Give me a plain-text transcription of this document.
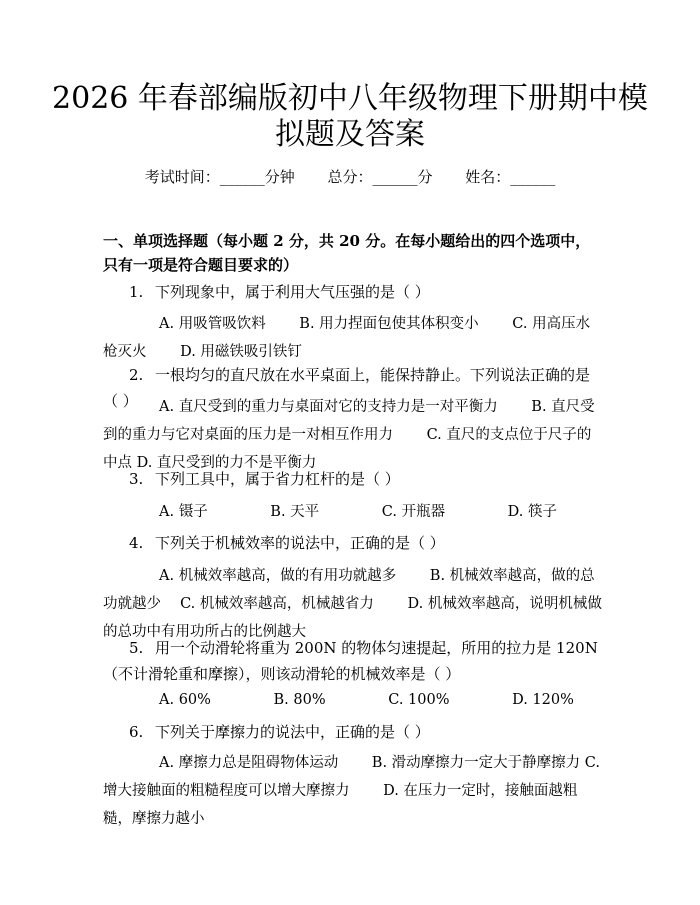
2026 年春部编版初中八年级物理下册期中模
拟题及答案
考试时间：______分钟 总分：______分 姓名：______
一、单项选择题（每小题 2 分，共 20 分。在每小题给出的四个选项中，只有一项是符合题目要求的）
1. 下列现象中，属于利用大气压强的是（ ）
A. 用吸管吸饮料　　 B. 用力捏面包使其体积变小　　 C. 用高压水枪灭火　　 D. 用磁铁吸引铁钉
2. 一根均匀的直尺放在水平桌面上，能保持静止。下列说法正确的是（ ）	A. 直尺受到的重力与桌面对它的支持力是一对平衡力　　 B. 直尺受到的重力与它对桌面的压力是一对相互作用力　　 C. 直尺的支点位于尺子的中点 D. 直尺受到的力不是平衡力
3. 下列工具中，属于省力杠杆的是（ ）
A. 镊子　　　　 B. 天平　　　　 C. 开瓶器　　　　 D. 筷子
4. 下列关于机械效率的说法中，正确的是（ ）
A. 机械效率越高，做的有用功就越多　　 B. 机械效率越高，做的总功就越少　 C. 机械效率越高，机械越省力　　 D. 机械效率越高，说明机械做的总功中有用功所占的比例越大
5. 用一个动滑轮将重为 200N 的物体匀速提起，所用的拉力是 120N（不计滑轮重和摩擦），则该动滑轮的机械效率是（ ）
A. 60%　　　　 B. 80%　　　　 C. 100%　　　　 D. 120%
6. 下列关于摩擦力的说法中，正确的是（ ）
A. 摩擦力总是阻碍物体运动　　 B. 滑动摩擦力一定大于静摩擦力 C. 增大接触面的粗糙程度可以增大摩擦力　　 D. 在压力一定时，接触面越粗糙，摩擦力越小
